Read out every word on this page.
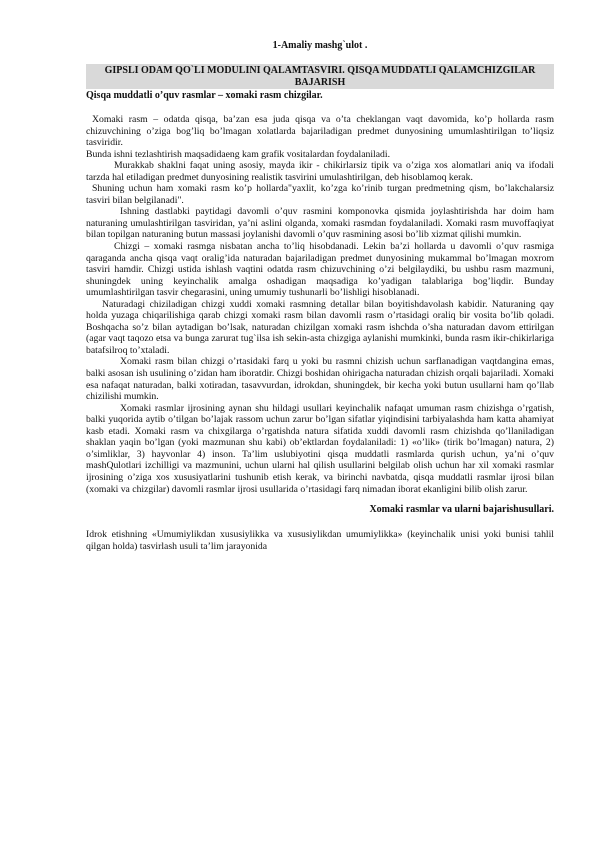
1-Amaliy mashg`ulot .
GIPSLI ODAM QO`LI MODULINI QALAMTASVIRI. QISQA MUDDATLI QALAMCHIZGILAR BAJARISH
Qisqa muddatli o’quv rasmlar – xomaki rasm chizgilar.

Xomaki rasm – odatda qisqa, ba’zan esa juda qisqa va o’ta cheklangan vaqt davomida, ko’p hollarda rasm chizuvchining o’ziga bog’liq bo’lmagan xolatlarda bajariladigan predmet dunyosining umumlashtirilgan to’liqsiz tasviridir.

Bunda ishni tezlashtirish maqsadidaeng kam grafik vositalardan foydalaniladi.

Murakkab shaklni faqat uning asosiy, mayda ikir - chikirlarsiz tipik va o’ziga xos alomatlari aniq va ifodali tarzda hal etiladigan predmet dunyosining realistik tasvirini umulashtirilgan, deb hisoblamoq kerak.

Shuning uchun ham xomaki rasm ko’p hollarda"yaxlit, ko’zga ko’rinib turgan predmetning qism, bo’lakchalarsiz tasviri bilan belgilanadi".

Ishning dastlabki paytidagi davomli o’quv rasmini komponovka qismida joylashtirishda har doim ham naturaning umulashtirilgan tasviridan, ya’ni aslini olganda, xomaki rasmdan foydalaniladi. Xomaki rasm muvoffaqiyat bilan topilgan naturaning butun massasi joylanishi davomli o’quv rasmining asosi bo’lib xizmat qilishi mumkin.

Chizgi – xomaki rasmga nisbatan ancha to’liq hisobdanadi. Lekin ba’zi hollarda u davomli o’quv rasmiga qaraganda ancha qisqa vaqt oralig’ida naturadan bajariladigan predmet dunyosining mukammal bo’lmagan moxrom tasviri hamdir. Chizgi ustida ishlash vaqtini odatda rasm chizuvchining o’zi belgilaydiki, bu ushbu rasm mazmuni, shuningdek uning keyinchalik amalga oshadigan maqsadiga ko’yadigan talablariga bog’liqdir. Bunday umumlashtirilgan tasvir chegarasini, uning umumiy tushunarli bo’lishligi hisoblanadi.

Naturadagi chiziladigan chizgi xuddi xomaki rasmning detallar bilan boyitishdavolash kabidir. Naturaning qay holda yuzaga chiqarilishiga qarab chizgi xomaki rasm bilan davomli rasm o’rtasidagi oraliq bir vosita bo’lib qoladi. Boshqacha so’z bilan aytadigan bo’lsak, naturadan chizilgan xomaki rasm ishchda o’sha naturadan davom ettirilgan (agar vaqt taqozo etsa va bunga zarurat tug`ilsa ish sekin-asta chizgiga aylanishi mumkinki, bunda rasm ikir-chikirlariga batafsilroq to’xtaladi.

Xomaki rasm bilan chizgi o’rtasidaki farq u yoki bu rasmni chizish uchun sarflanadigan vaqtdangina emas, balki asosan ish usulining o’zidan ham iboratdir. Chizgi boshidan ohirigacha naturadan chizish orqali bajariladi. Xomaki esa nafaqat naturadan, balki xotiradan, tasavvurdan, idrokdan, shuningdek, bir kecha yoki butun usullarni ham qo’llab chizilishi mumkin.

Xomaki rasmlar ijrosining aynan shu hildagi usullari keyinchalik nafaqat umuman rasm chizishga o’rgatish, balki yuqorida aytib o’tilgan bo’lajak rassom uchun zarur bo’lgan sifatlar yiqindisini tarbiyalashda ham katta ahamiyat kasb etadi. Xomaki rasm va chixgilarga o’rgatishda natura sifatida xuddi davomli rasm chizishda qo’llaniladigan shaklan yaqin bo’lgan (yoki mazmunan shu kabi) ob’ektlardan foydalaniladi: 1) «o’lik» (tirik bo’lmagan) natura, 2) o’simliklar, 3) hayvonlar 4) inson. Ta’lim uslubiyotini qisqa muddatli rasmlarda qurish uchun, ya’ni o’quv mashQulotlari izchilligi va mazmunini, uchun ularni hal qilish usullarini belgilab olish uchun har xil xomaki rasmlar ijrosining o’ziga xos xususiyatlarini tushunib etish kerak, va birinchi navbatda, qisqa muddatli rasmlar ijrosi bilan (xomaki va chizgilar) davomli rasmlar ijrosi usullarida o’rtasidagi farq nimadan iborat ekanligini bilib olish zarur.

Xomaki rasmlar va ularni bajarishusullari.

Idrok etishning «Umumiylikdan xususiylikka va xususiylikdan umumiylikka» (keyinchalik unisi yoki bunisi tahlil qilgan holda) tasvirlash usuli ta’lim jarayonida
